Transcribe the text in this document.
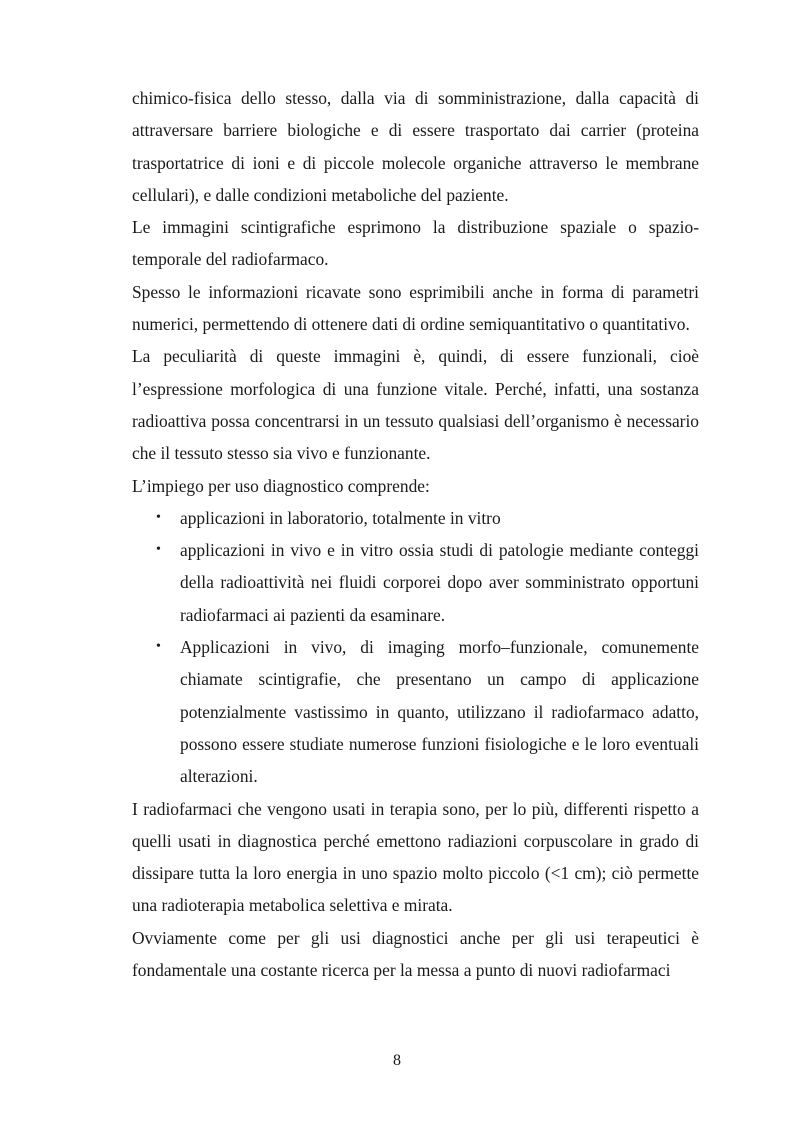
chimico-fisica dello stesso, dalla via di somministrazione, dalla capacità di attraversare barriere biologiche e di essere trasportato dai carrier (proteina trasportatrice di ioni e di piccole molecole organiche attraverso le membrane cellulari), e dalle condizioni metaboliche del paziente.

Le immagini scintigrafiche esprimono la distribuzione spaziale o spazio-temporale del radiofarmaco.

Spesso le informazioni ricavate sono esprimibili anche in forma di parametri numerici, permettendo di ottenere dati di ordine semiquantitativo o quantitativo.

La peculiarità di queste immagini è, quindi, di essere funzionali, cioè l’espressione morfologica di una funzione vitale. Perché, infatti, una sostanza radioattiva possa concentrarsi in un tessuto qualsiasi dell’organismo è necessario che il tessuto stesso sia vivo e funzionante.

L’impiego per uso diagnostico comprende:

• applicazioni in laboratorio, totalmente in vitro
• applicazioni in vivo e in vitro ossia studi di patologie mediante conteggi della radioattività nei fluidi corporei dopo aver somministrato opportuni radiofarmaci ai pazienti da esaminare.
• Applicazioni in vivo, di imaging morfo–funzionale, comunemente chiamate scintigrafie, che presentano un campo di applicazione potenzialmente vastissimo in quanto, utilizzano il radiofarmaco adatto, possono essere studiate numerose funzioni fisiologiche e le loro eventuali alterazioni.

I radiofarmaci che vengono usati in terapia sono, per lo più, differenti rispetto a quelli usati in diagnostica perché emettono radiazioni corpuscolare in grado di dissipare tutta la loro energia in uno spazio molto piccolo (<1 cm); ciò permette una radioterapia metabolica selettiva e mirata.

Ovviamente come per gli usi diagnostici anche per gli usi terapeutici è fondamentale una costante ricerca per la messa a punto di nuovi radiofarmaci

8
